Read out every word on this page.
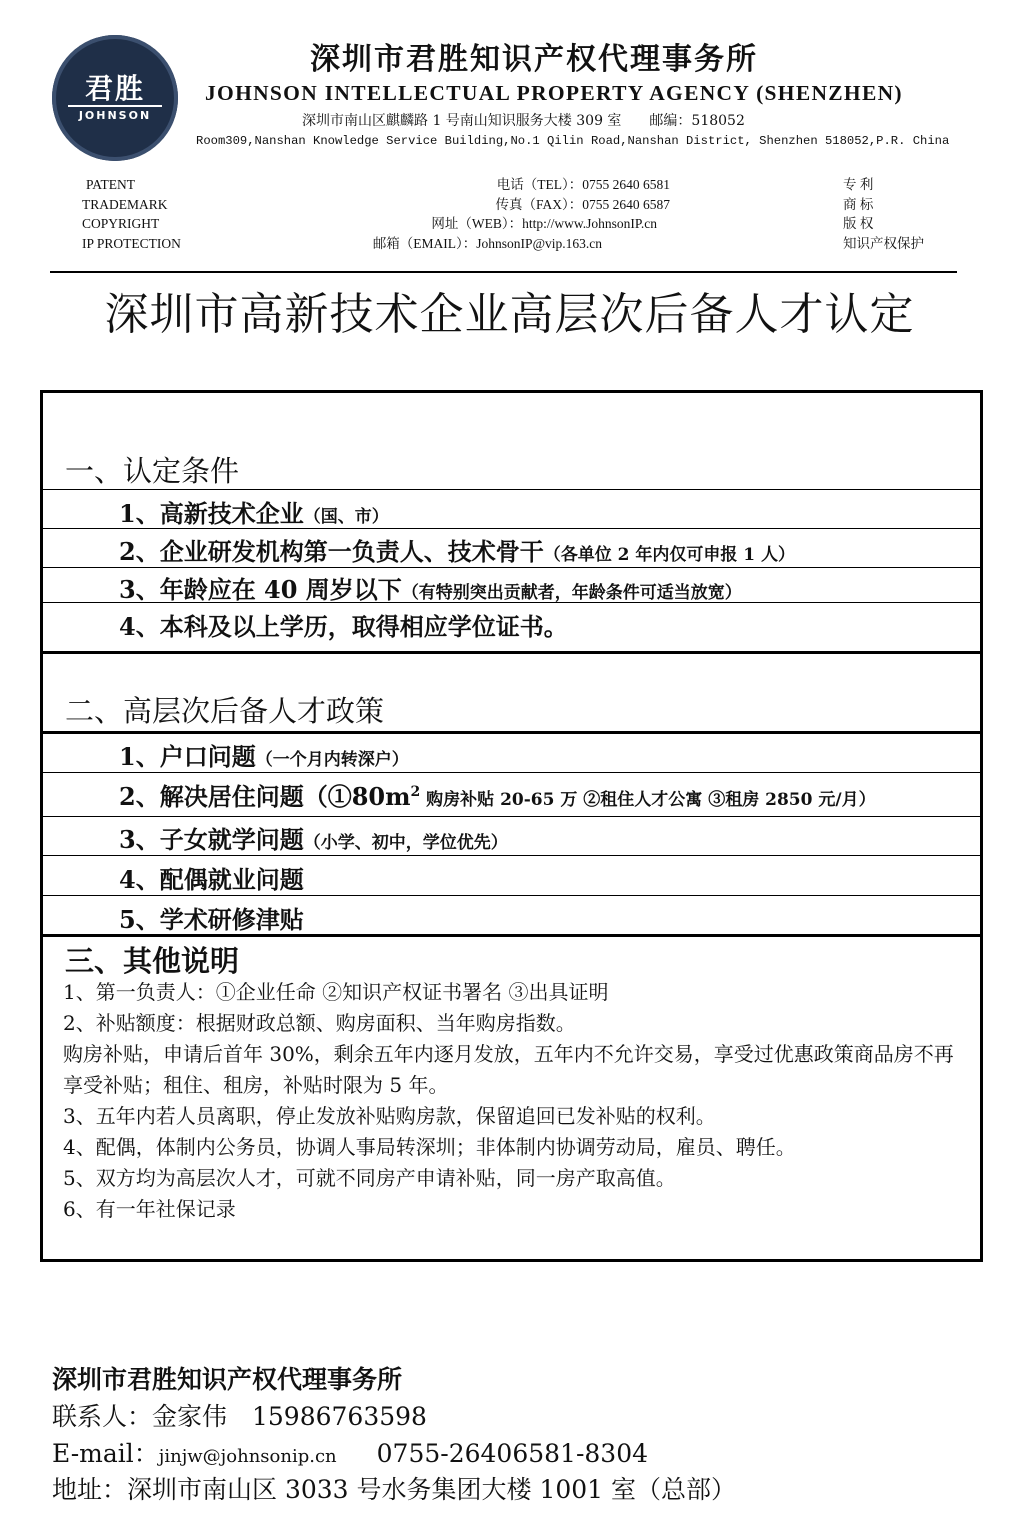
君胜
JOHNSON
深圳市君胜知识产权代理事务所
JOHNSON INTELLECTUAL PROPERTY AGENCY (SHENZHEN)
深圳市南山区麒麟路 1 号南山知识服务大楼 309 室　　邮编：518052
Room309,Nanshan Knowledge Service Building,No.1 Qilin Road,Nanshan District, Shenzhen 518052,P.R. China
PATENT
TRADEMARK
COPYRIGHT
IP PROTECTION
电话（TEL）：0755 2640 6581
传真（FAX）：0755 2640 6587
网址（WEB）：http://www.JohnsonIP.cn
邮箱（EMAIL）：JohnsonIP@vip.163.cn
专 利
商 标
版 权
知识产权保护
深圳市高新技术企业高层次后备人才认定
一、认定条件
1、高新技术企业（国、市）
2、企业研发机构第一负责人、技术骨干（各单位 2 年内仅可申报 1 人）
3、年龄应在 40 周岁以下（有特别突出贡献者，年龄条件可适当放宽）
4、本科及以上学历，取得相应学位证书。
二、高层次后备人才政策
1、户口问题（一个月内转深户）
2、解决居住问题（$①80m^2$ 购房补贴 20-65 万 ②租住人才公寓 ③租房 2850 元/月）
3、子女就学问题（小学、初中，学位优先）
4、配偶就业问题
5、学术研修津贴
三、其他说明
1、第一负责人：①企业任命 ②知识产权证书署名 ③出具证明
2、补贴额度：根据财政总额、购房面积、当年购房指数。
购房补贴，申请后首年 30%，剩余五年内逐月发放，五年内不允许交易，享受过优惠政策商品房不再享受补贴；租住、租房，补贴时限为 5 年。
3、五年内若人员离职，停止发放补贴购房款，保留追回已发补贴的权利。
4、配偶，体制内公务员，协调人事局转深圳；非体制内协调劳动局，雇员、聘任。
5、双方均为高层次人才，可就不同房产申请补贴，同一房产取高值。
6、有一年社保记录
深圳市君胜知识产权代理事务所
联系人：金家伟　15986763598
E-mail：jinjw@johnsonip.cn 0755-26406581-8304
地址：深圳市南山区 3033 号水务集团大楼 1001 室（总部）
